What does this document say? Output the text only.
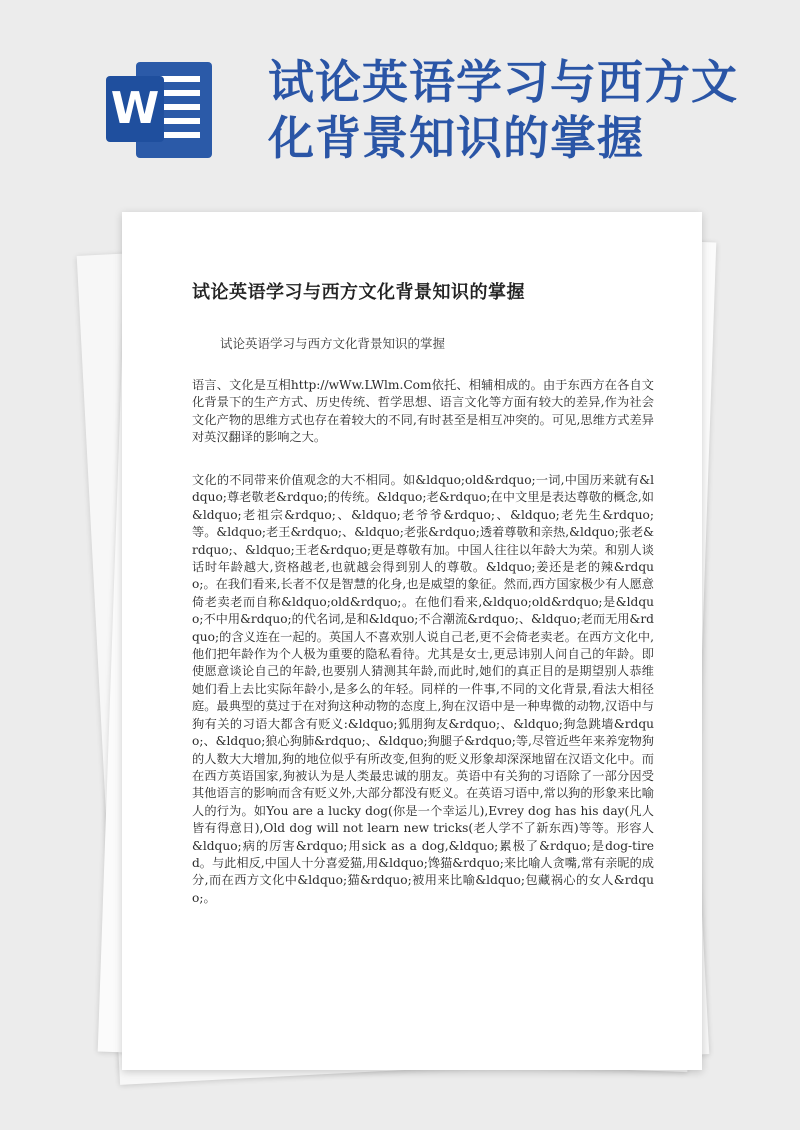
W 试论英语学习与西方文化背景知识的掌握
试论英语学习与西方文化背景知识的掌握
试论英语学习与西方文化背景知识的掌握
语言、文化是互相http://wWw.LWlm.Com依托、相辅相成的。由于东西方在各自文化背景下的生产方式、历史传统、哲学思想、语言文化等方面有较大的差异,作为社会文化产物的思维方式也存在着较大的不同,有时甚至是相互冲突的。可见,思维方式差异对英汉翻译的影响之大。
文化的不同带来价值观念的大不相同。如&ldquo;old&rdquo;一词,中国历来就有&ldquo;尊老敬老&rdquo;的传统。&ldquo;老&rdquo;在中文里是表达尊敬的概念,如&ldquo;老祖宗&rdquo;、&ldquo;老爷爷&rdquo;、&ldquo;老先生&rdquo;等。&ldquo;老王&rdquo;、&ldquo;老张&rdquo;透着尊敬和亲热,&ldquo;张老&rdquo;、&ldquo;王老&rdquo;更是尊敬有加。中国人往往以年龄大为荣。和别人谈话时年龄越大,资格越老,也就越会得到别人的尊敬。&ldquo;姜还是老的辣&rdquo;。在我们看来,长者不仅是智慧的化身,也是威望的象征。然而,西方国家极少有人愿意倚老卖老而自称&ldquo;old&rdquo;。在他们看来,&ldquo;old&rdquo;是&ldquo;不中用&rdquo;的代名词,是和&ldquo;不合潮流&rdquo;、&ldquo;老而无用&rdquo;的含义连在一起的。英国人不喜欢别人说自己老,更不会倚老卖老。在西方文化中,他们把年龄作为个人极为重要的隐私看待。尤其是女士,更忌讳别人问自己的年龄。即使愿意谈论自己的年龄,也要别人猜测其年龄,而此时,她们的真正目的是期望别人恭维她们看上去比实际年龄小,是多么的年轻。同样的一件事,不同的文化背景,看法大相径庭。最典型的莫过于在对狗这种动物的态度上,狗在汉语中是一种卑微的动物,汉语中与狗有关的习语大都含有贬义:&ldquo;狐朋狗友&rdquo;、&ldquo;狗急跳墙&rdquo;、&ldquo;狼心狗肺&rdquo;、&ldquo;狗腿子&rdquo;等,尽管近些年来养宠物狗的人数大大增加,狗的地位似乎有所改变,但狗的贬义形象却深深地留在汉语文化中。而在西方英语国家,狗被认为是人类最忠诚的朋友。英语中有关狗的习语除了一部分因受其他语言的影响而含有贬义外,大部分都没有贬义。在英语习语中,常以狗的形象来比喻人的行为。如You are a lucky dog(你是一个幸运儿),Evrey dog has his day(凡人皆有得意日),Old dog will not learn new tricks(老人学不了新东西)等等。形容人&ldquo;病的厉害&rdquo;用sick as a dog,&ldquo;累极了&rdquo;是dog-tired。与此相反,中国人十分喜爱猫,用&ldquo;馋猫&rdquo;来比喻人贪嘴,常有亲昵的成分,而在西方文化中&ldquo;猫&rdquo;被用来比喻&ldquo;包藏祸心的女人&rdquo;。
